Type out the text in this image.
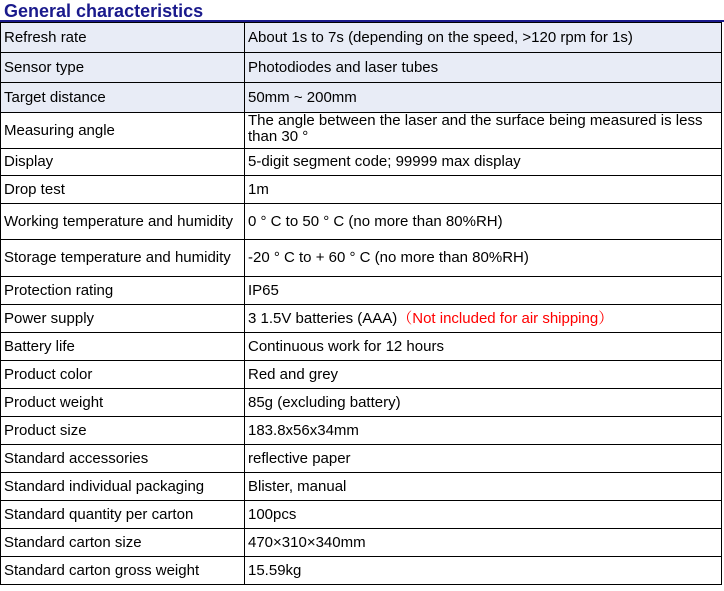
General characteristics
Refresh rate	About 1s to 7s (depending on the speed, >120 rpm for 1s)
Sensor type	Photodiodes and laser tubes
Target distance	50mm ~ 200mm
Measuring angle	The angle between the laser and the surface being measured is less than 30 °
Display	5-digit segment code; 99999 max display
Drop test	1m
Working temperature and humidity	0 ° C to 50 ° C (no more than 80%RH)
Storage temperature and humidity	-20 ° C to + 60 ° C (no more than 80%RH)
Protection rating	IP65
Power supply	3 1.5V batteries (AAA)（Not included for air shipping）
Battery life	Continuous work for 12 hours
Product color	Red and grey
Product weight	85g (excluding battery)
Product size	183.8x56x34mm
Standard accessories	reflective paper
Standard individual packaging	Blister, manual
Standard quantity per carton	100pcs
Standard carton size	470×310×340mm
Standard carton gross weight	15.59kg
